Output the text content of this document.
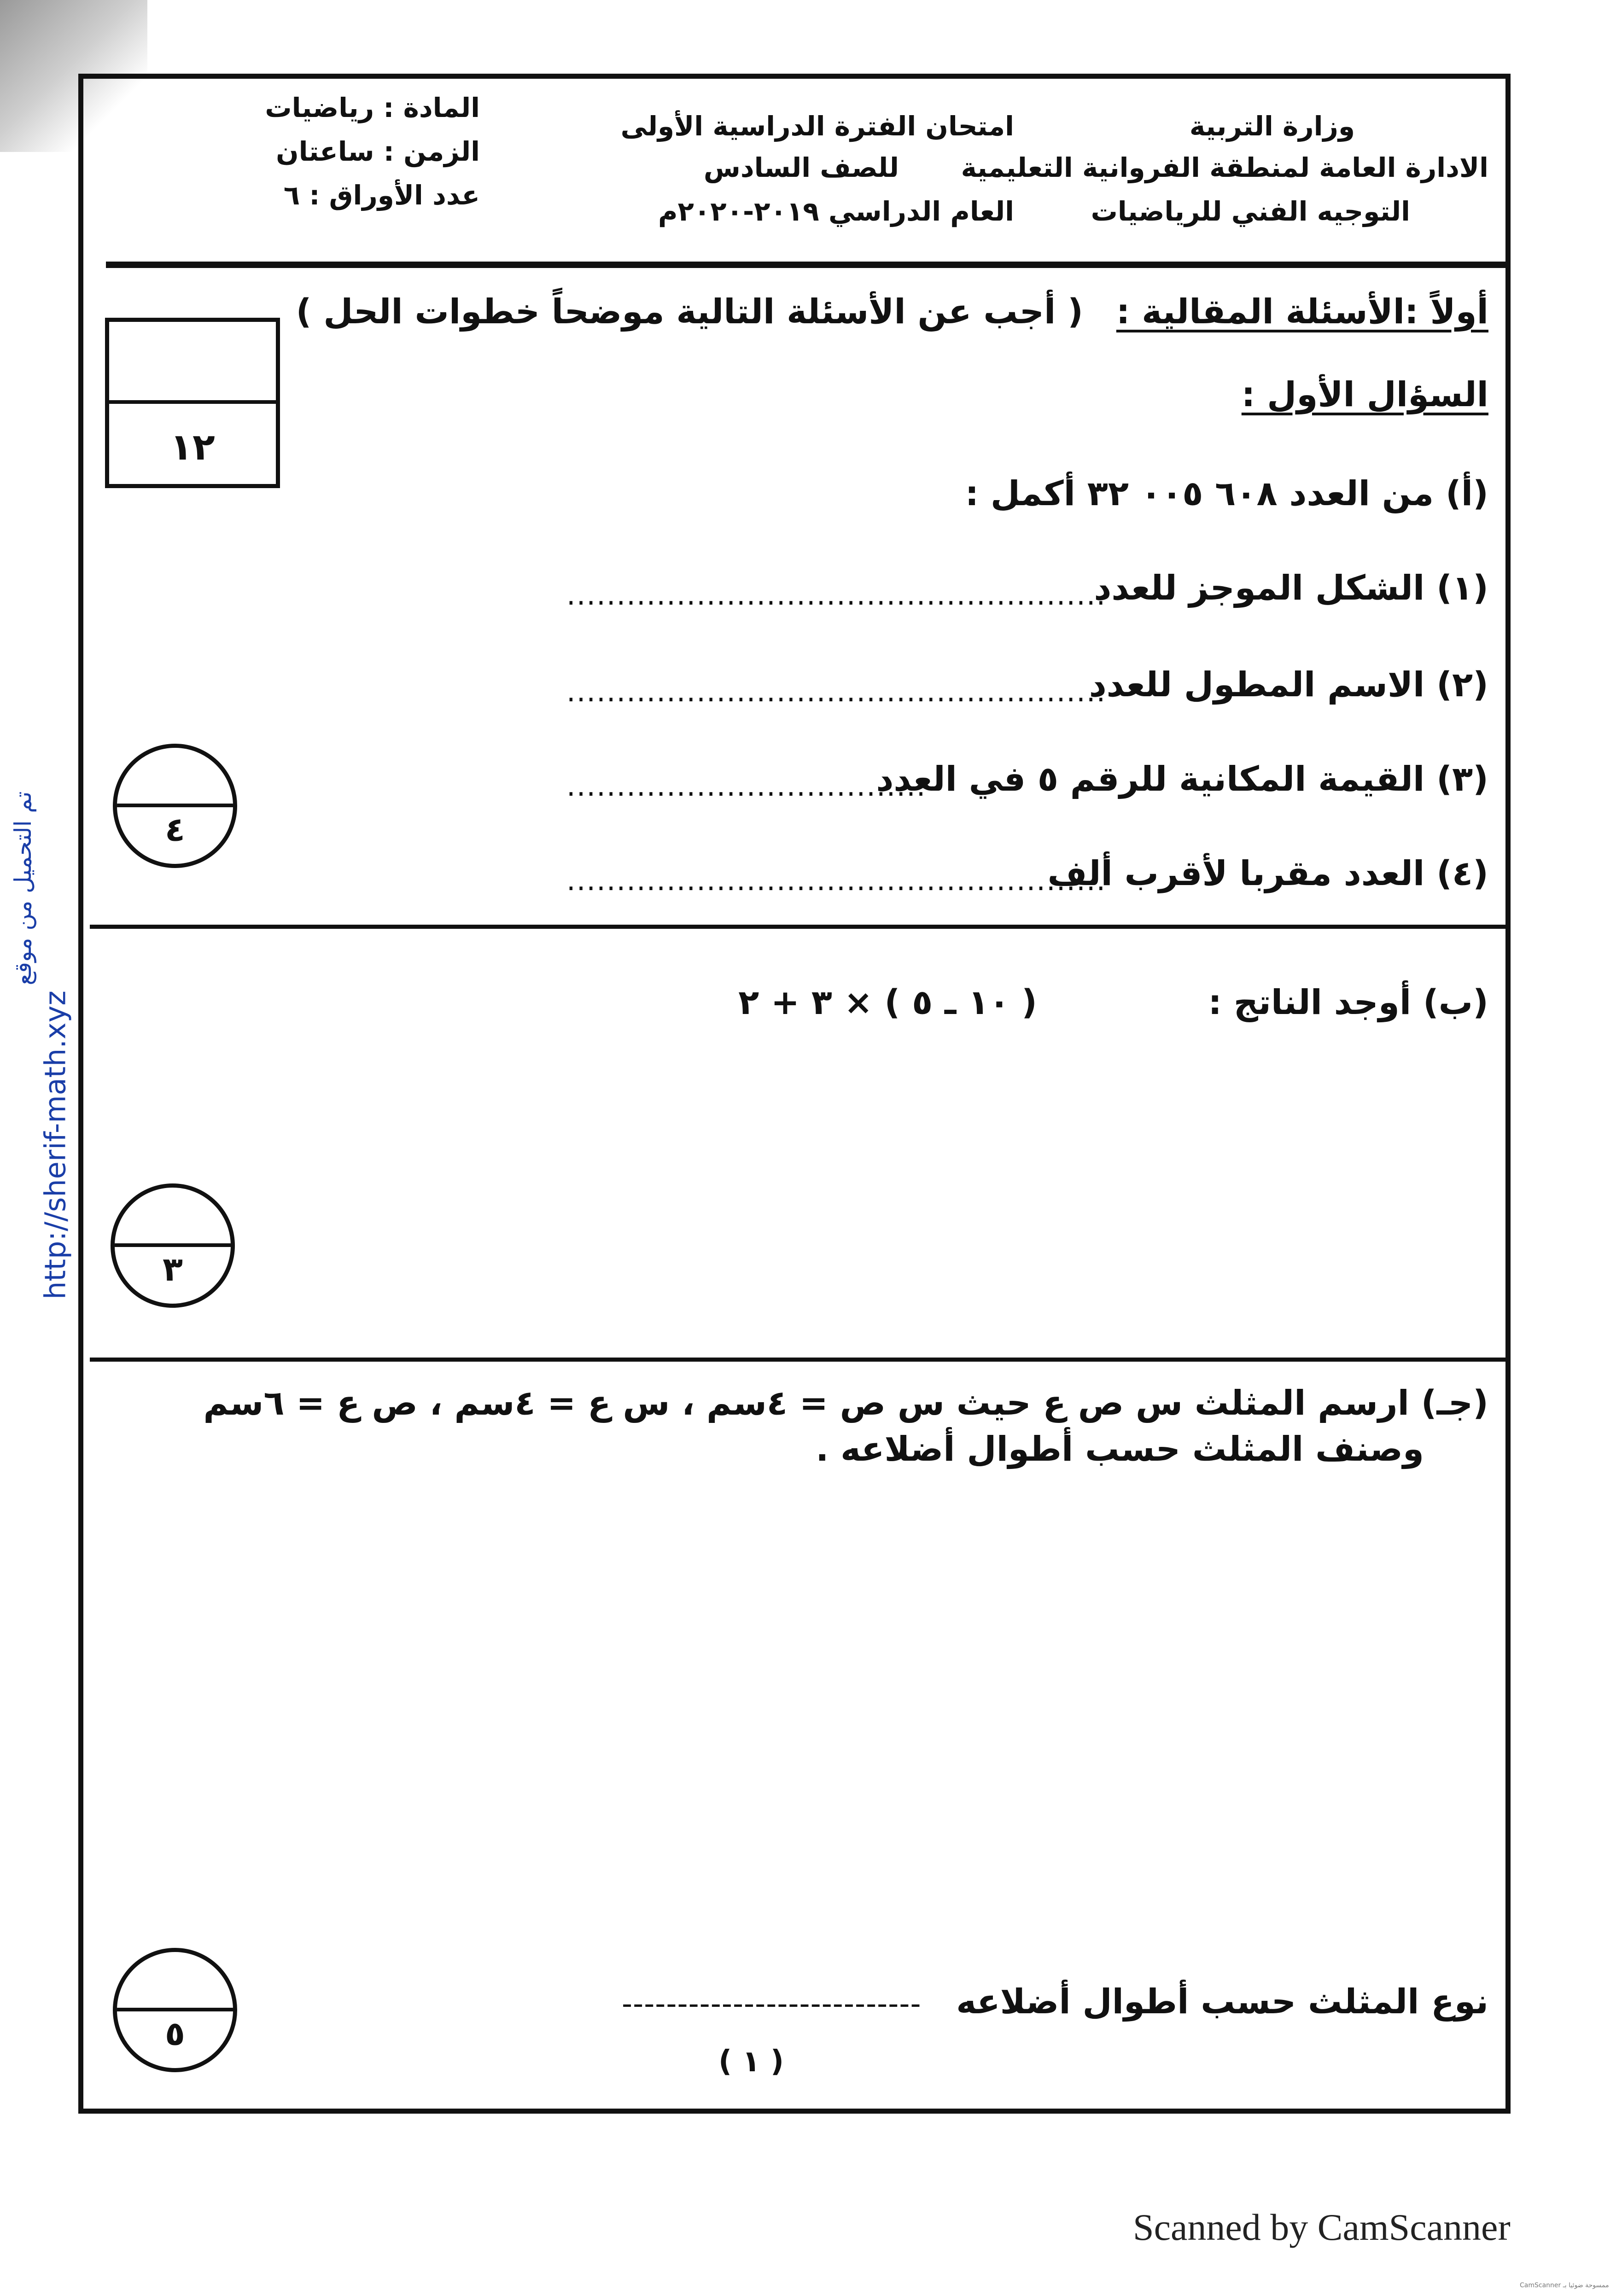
وزارة التربية
الادارة العامة لمنطقة الفروانية التعليمية
التوجيه الفني للرياضيات
امتحان الفترة الدراسية الأولى
للصف السادس
العام الدراسي ٢٠١٩-٢٠٢٠م
المادة : رياضيات
الزمن : ساعتان
عدد الأوراق : ٦
أولاً :الأسئلة المقالية :
( أجب عن الأسئلة التالية موضحاً خطوات الحل )
السؤال الأول :
١٢
(أ) من العدد ٦٠٨ ٠٠٥ ٣٢ أكمل :
(١) الشكل الموجز للعدد
......................................................
(٢) الاسم المطول للعدد
......................................................
(٣) القيمة المكانية للرقم ٥ في العدد
....................................
(٤) العدد مقربا لأقرب ألف
......................................................
٤
(ب) أوجد الناتج :
( ١٠ ـ ٥ ) × ٣ + ٢
٣
(جـ) ارسم المثلث س ص ع حيث س ص = ٤سم ، س ع = ٤سم ، ص ع = ٦سم
وصنف المثلث حسب أطوال أضلاعه .
نوع المثلث حسب أطوال أضلاعه
---------------------------
٥
( ١ )
http://sherif-math.xyz
تم التحميل من موقع
Scanned by CamScanner
CamScanner ممسوحة ضوئيا بـ
